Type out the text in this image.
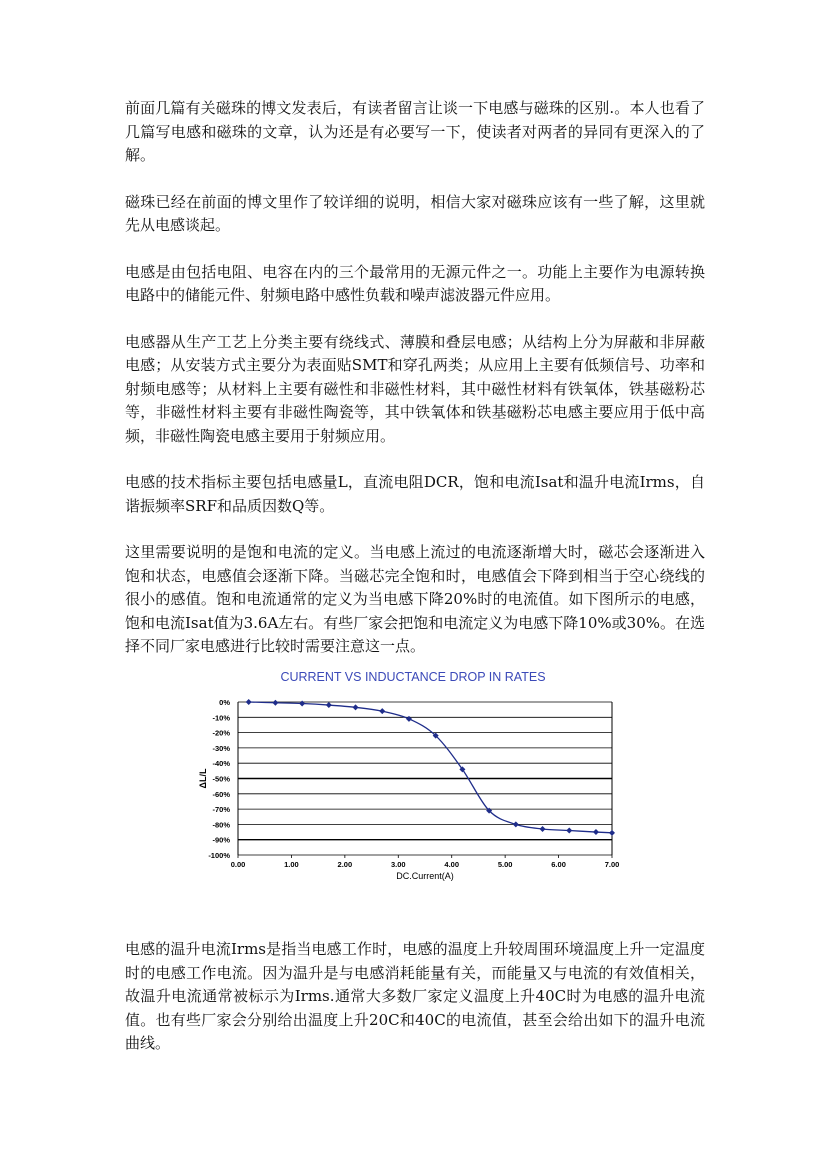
前面几篇有关磁珠的博文发表后，有读者留言让谈一下电感与磁珠的区别.。本人也看了几篇写电感和磁珠的文章，认为还是有必要写一下，使读者对两者的异同有更深入的了解。

磁珠已经在前面的博文里作了较详细的说明，相信大家对磁珠应该有一些了解，这里就先从电感谈起。

电感是由包括电阻、电容在内的三个最常用的无源元件之一。功能上主要作为电源转换电路中的储能元件、射频电路中感性负载和噪声滤波器元件应用。

电感器从生产工艺上分类主要有绕线式、薄膜和叠层电感；从结构上分为屏蔽和非屏蔽电感；从安装方式主要分为表面贴SMT和穿孔两类；从应用上主要有低频信号、功率和射频电感等；从材料上主要有磁性和非磁性材料，其中磁性材料有铁氧体，铁基磁粉芯等，非磁性材料主要有非磁性陶瓷等，其中铁氧体和铁基磁粉芯电感主要应用于低中高频，非磁性陶瓷电感主要用于射频应用。

电感的技术指标主要包括电感量L，直流电阻DCR，饱和电流Isat和温升电流Irms，自谐振频率SRF和品质因数Q等。

这里需要说明的是饱和电流的定义。当电感上流过的电流逐渐增大时，磁芯会逐渐进入饱和状态，电感值会逐渐下降。当磁芯完全饱和时，电感值会下降到相当于空心绕线的很小的感值。饱和电流通常的定义为当电感下降20%时的电流值。如下图所示的电感，饱和电流Isat值为3.6A左右。有些厂家会把饱和电流定义为电感下降10%或30%。在选择不同厂家电感进行比较时需要注意这一点。

CURRENT VS INDUCTANCE DROP IN RATES
0%
-10%
-20%
-30%
-40%
-50%
-60%
-70%
-80%
-90%
-100%
0.00	1.00	2.00	3.00	4.00	5.00	6.00	7.00
ΔL/L
DC.Current(A)

电感的温升电流Irms是指当电感工作时，电感的温度上升较周围环境温度上升一定温度时的电感工作电流。因为温升是与电感消耗能量有关，而能量又与电流的有效值相关，故温升电流通常被标示为Irms.通常大多数厂家定义温度上升40C时为电感的温升电流值。也有些厂家会分别给出温度上升20C和40C的电流值，甚至会给出如下的温升电流曲线。
